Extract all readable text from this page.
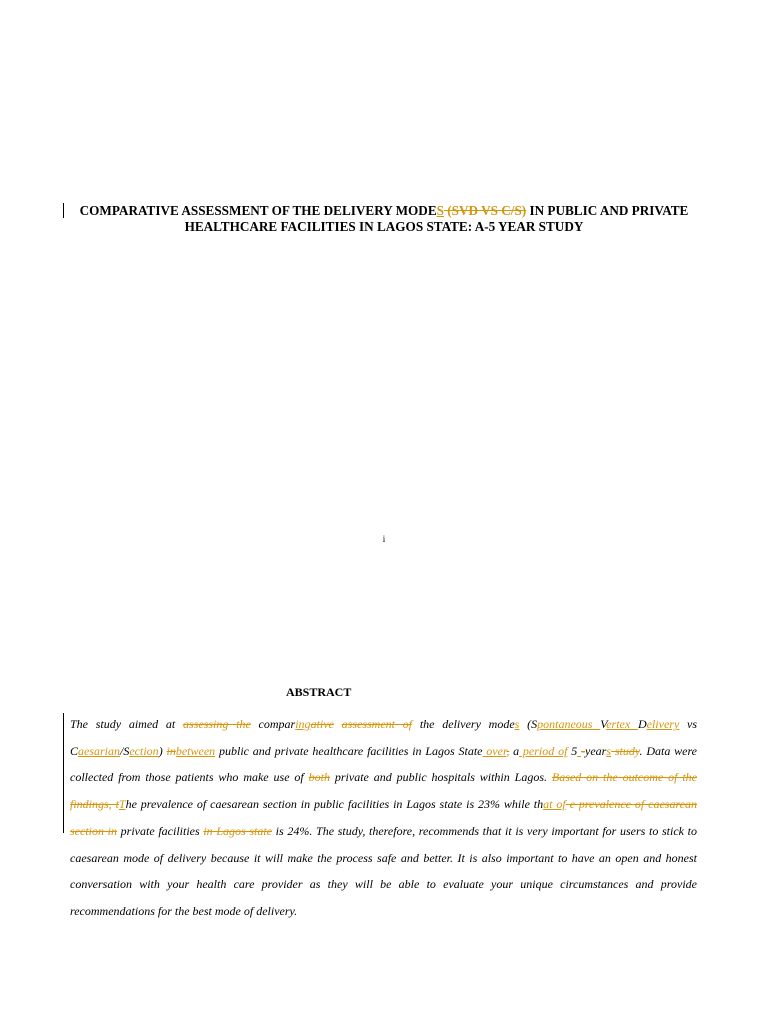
COMPARATIVE ASSESSMENT OF THE DELIVERY MODES (SVD VS C/S) IN PUBLIC AND PRIVATE HEALTHCARE FACILITIES IN LAGOS STATE: A-5 YEAR STUDY
i
ABSTRACT

The study aimed at assessing the comparingative assessment of the delivery modes (Spontaneous Vertex Delivery vs Caesarian/Section) inbetween public and private healthcare facilities in Lagos State over, a period of 5 -years study. Data were collected from those patients who make use of both private and public hospitals within Lagos. Based on the outcome of the findings, tThe prevalence of caesarean section in public facilities in Lagos state is 23% while that of e prevalence of caesarean section in private facilities in Lagos state is 24%. The study, therefore, recommends that it is very important for users to stick to caesarean mode of delivery because it will make the process safe and better. It is also important to have an open and honest conversation with your health care provider as they will be able to evaluate your unique circumstances and provide recommendations for the best mode of delivery.
